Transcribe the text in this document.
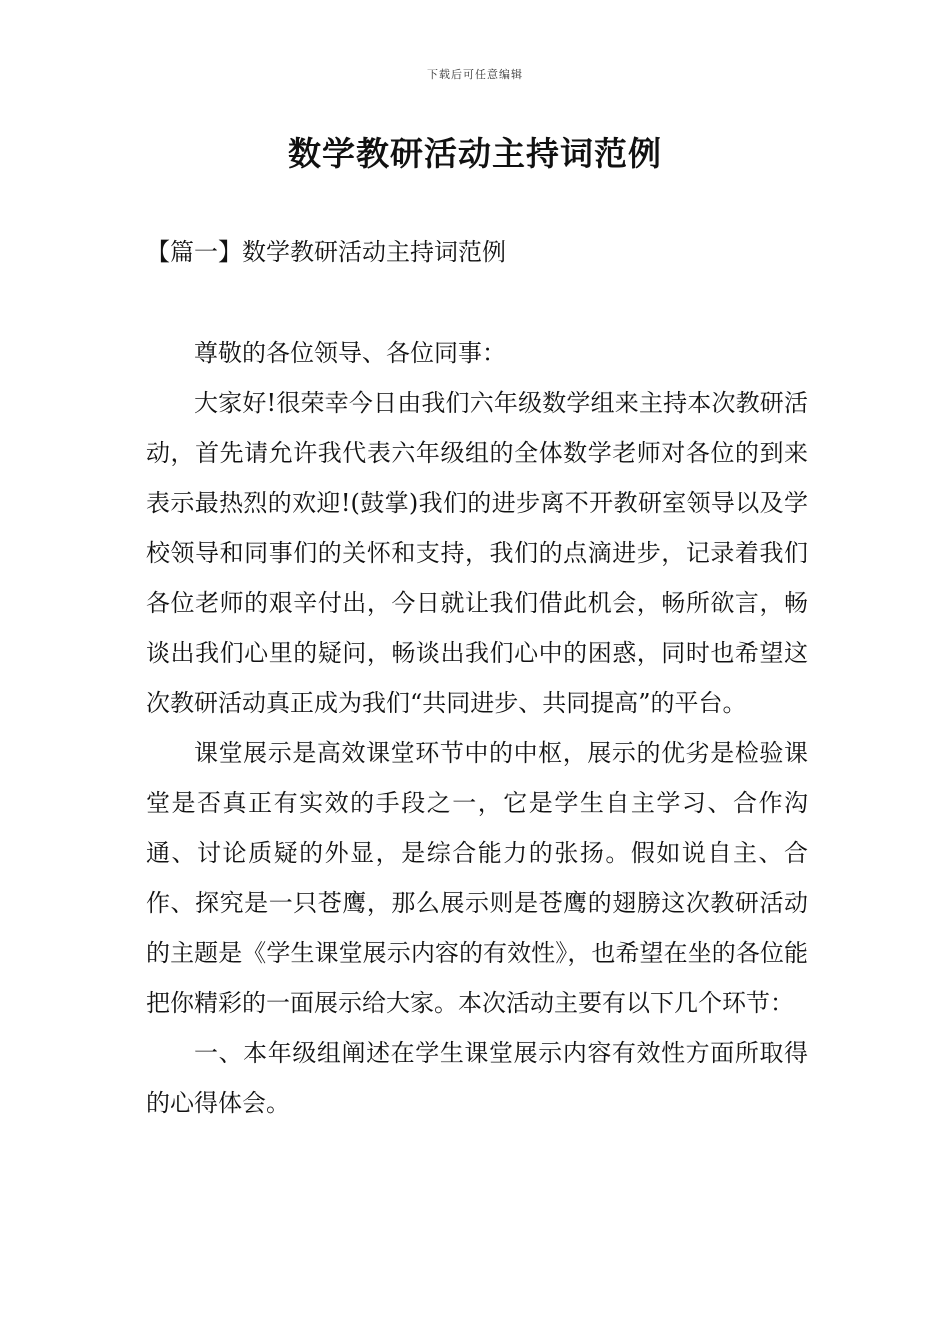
下载后可任意编辑
数学教研活动主持词范例
【篇一】数学教研活动主持词范例

尊敬的各位领导、各位同事：

大家好!很荣幸今日由我们六年级数学组来主持本次教研活动，首先请允许我代表六年级组的全体数学老师对各位的到来表示最热烈的欢迎!(鼓掌)我们的进步离不开教研室领导以及学校领导和同事们的关怀和支持，我们的点滴进步，记录着我们各位老师的艰辛付出，今日就让我们借此机会，畅所欲言，畅谈出我们心里的疑问，畅谈出我们心中的困惑，同时也希望这次教研活动真正成为我们“共同进步、共同提高”的平台。

课堂展示是高效课堂环节中的中枢，展示的优劣是检验课堂是否真正有实效的手段之一，它是学生自主学习、合作沟通、讨论质疑的外显，是综合能力的张扬。假如说自主、合作、探究是一只苍鹰，那么展示则是苍鹰的翅膀这次教研活动的主题是《学生课堂展示内容的有效性》，也希望在坐的各位能把你精彩的一面展示给大家。本次活动主要有以下几个环节：

一、本年级组阐述在学生课堂展示内容有效性方面所取得的心得体会。
